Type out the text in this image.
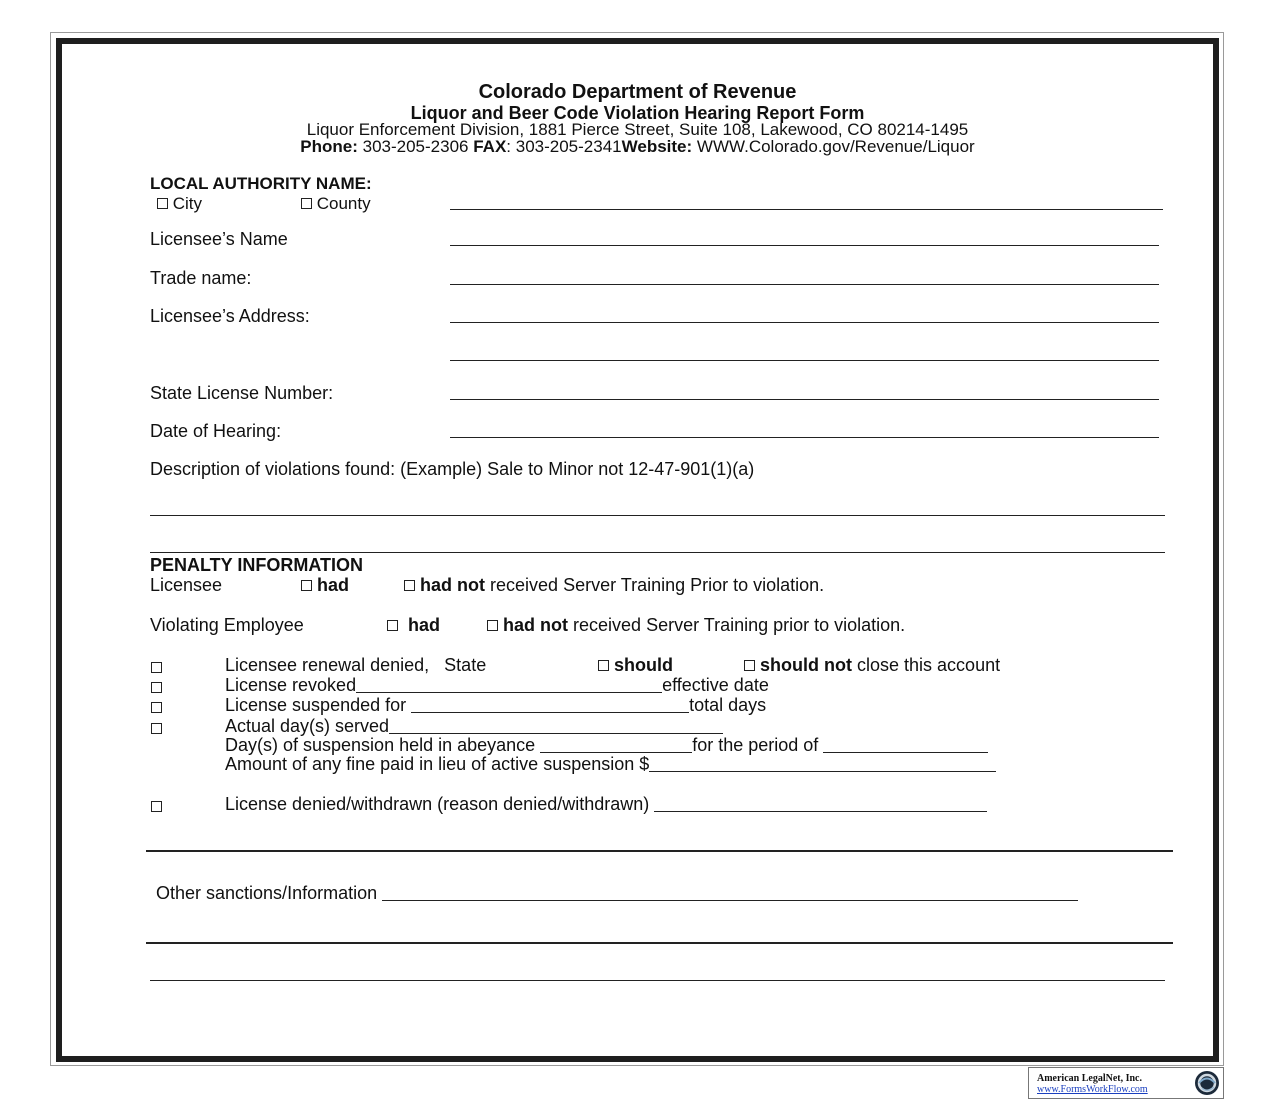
Colorado Department of Revenue
Liquor and Beer Code Violation Hearing Report Form
Liquor Enforcement Division, 1881 Pierce Street, Suite 108, Lakewood, CO 80214-1495
Phone: 303-205-2306 FAX: 303-205-2341Website: WWW.Colorado.gov/Revenue/Liquor
LOCAL AUTHORITY NAME:
City	County
Licensee’s Name
Trade name:
Licensee’s Address:
State License Number:
Date of Hearing:
Description of violations found: (Example) Sale to Minor not 12-47-901(1)(a)
PENALTY INFORMATION
Licensee	had	had not received Server Training Prior to violation.
Violating Employee	had	had not received Server Training prior to violation.
Licensee renewal denied, State	should	should not close this account
License revoked	effective date
License suspended for	total days
Actual day(s) served
Day(s) of suspension held in abeyance	for the period of
Amount of any fine paid in lieu of active suspension $
License denied/withdrawn (reason denied/withdrawn)
Other sanctions/Information
American LegalNet, Inc.
www.FormsWorkFlow.com
